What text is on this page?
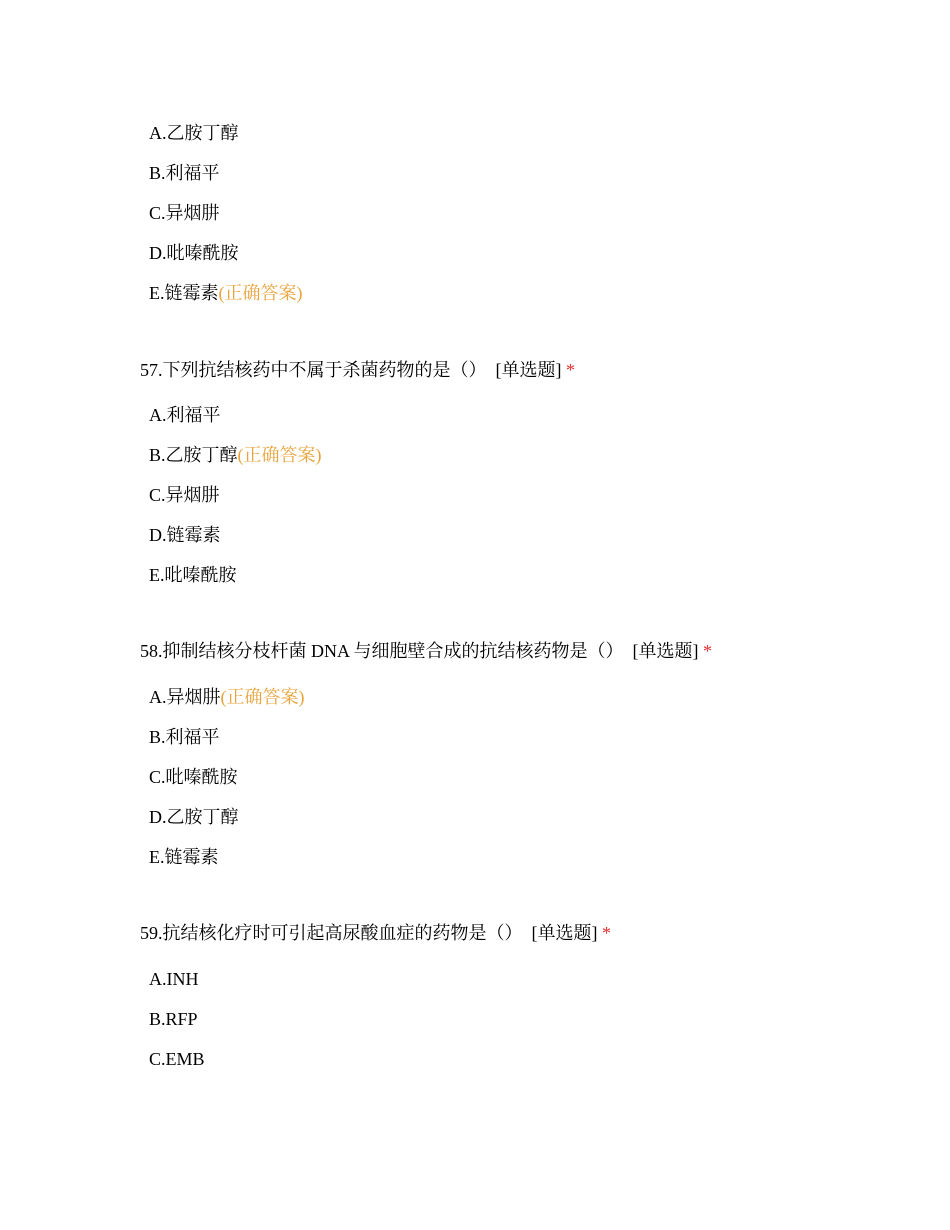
A.乙胺丁醇
B.利福平
C.异烟肼
D.吡嗪酰胺
E.链霉素(正确答案)
57.下列抗结核药中不属于杀菌药物的是（） [单选题] *
A.利福平
B.乙胺丁醇(正确答案)
C.异烟肼
D.链霉素
E.吡嗪酰胺
58.抑制结核分枝杆菌 DNA 与细胞壁合成的抗结核药物是（） [单选题] *
A.异烟肼(正确答案)
B.利福平
C.吡嗪酰胺
D.乙胺丁醇
E.链霉素
59.抗结核化疗时可引起高尿酸血症的药物是（） [单选题] *
A.INH
B.RFP
C.EMB
